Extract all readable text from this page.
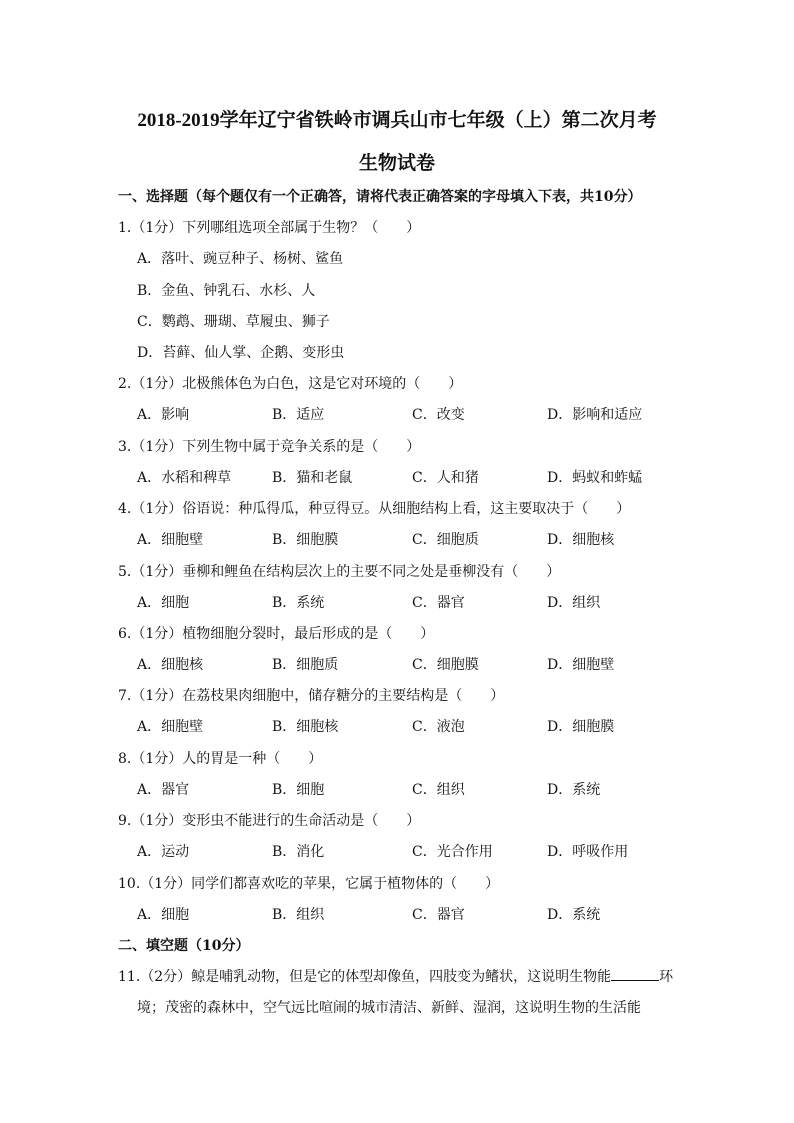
2018-2019学年辽宁省铁岭市调兵山市七年级（上）第二次月考
生物试卷
一、选择题（每个题仅有一个正确答，请将代表正确答案的字母填入下表，共10分）
1.（1分）下列哪组选项全部属于生物？（　　）
A．落叶、豌豆种子、杨树、鲨鱼
B．金鱼、钟乳石、水杉、人
C．鹦鹉、珊瑚、草履虫、狮子
D．苔藓、仙人掌、企鹅、变形虫
2.（1分）北极熊体色为白色，这是它对环境的（　　）
A．影响	B．适应	C．改变	D．影响和适应
3.（1分）下列生物中属于竞争关系的是（　　）
A．水稻和稗草	B．猫和老鼠	C．人和猪	D．蚂蚁和蚱蜢
4.（1分）俗语说：种瓜得瓜，种豆得豆。从细胞结构上看，这主要取决于（　　）
A．细胞壁	B．细胞膜	C．细胞质	D．细胞核
5.（1分）垂柳和鲤鱼在结构层次上的主要不同之处是垂柳没有（　　）
A．细胞	B．系统	C．器官	D．组织
6.（1分）植物细胞分裂时，最后形成的是（　　）
A．细胞核	B．细胞质	C．细胞膜	D．细胞壁
7.（1分）在荔枝果肉细胞中，储存糖分的主要结构是（　　）
A．细胞壁	B．细胞核	C．液泡	D．细胞膜
8.（1分）人的胃是一种（　　）
A．器官	B．细胞	C．组织	D．系统
9.（1分）变形虫不能进行的生命活动是（　　）
A．运动	B．消化	C．光合作用	D．呼吸作用
10.（1分）同学们都喜欢吃的苹果，它属于植物体的（　　）
A．细胞	B．组织	C．器官	D．系统
二、填空题（10分）
11.（2分）鲸是哺乳动物，但是它的体型却像鱼，四肢变为鳍状，这说明生物能	环
境；茂密的森林中，空气远比喧闹的城市清洁、新鲜、湿润，这说明生物的生活能
